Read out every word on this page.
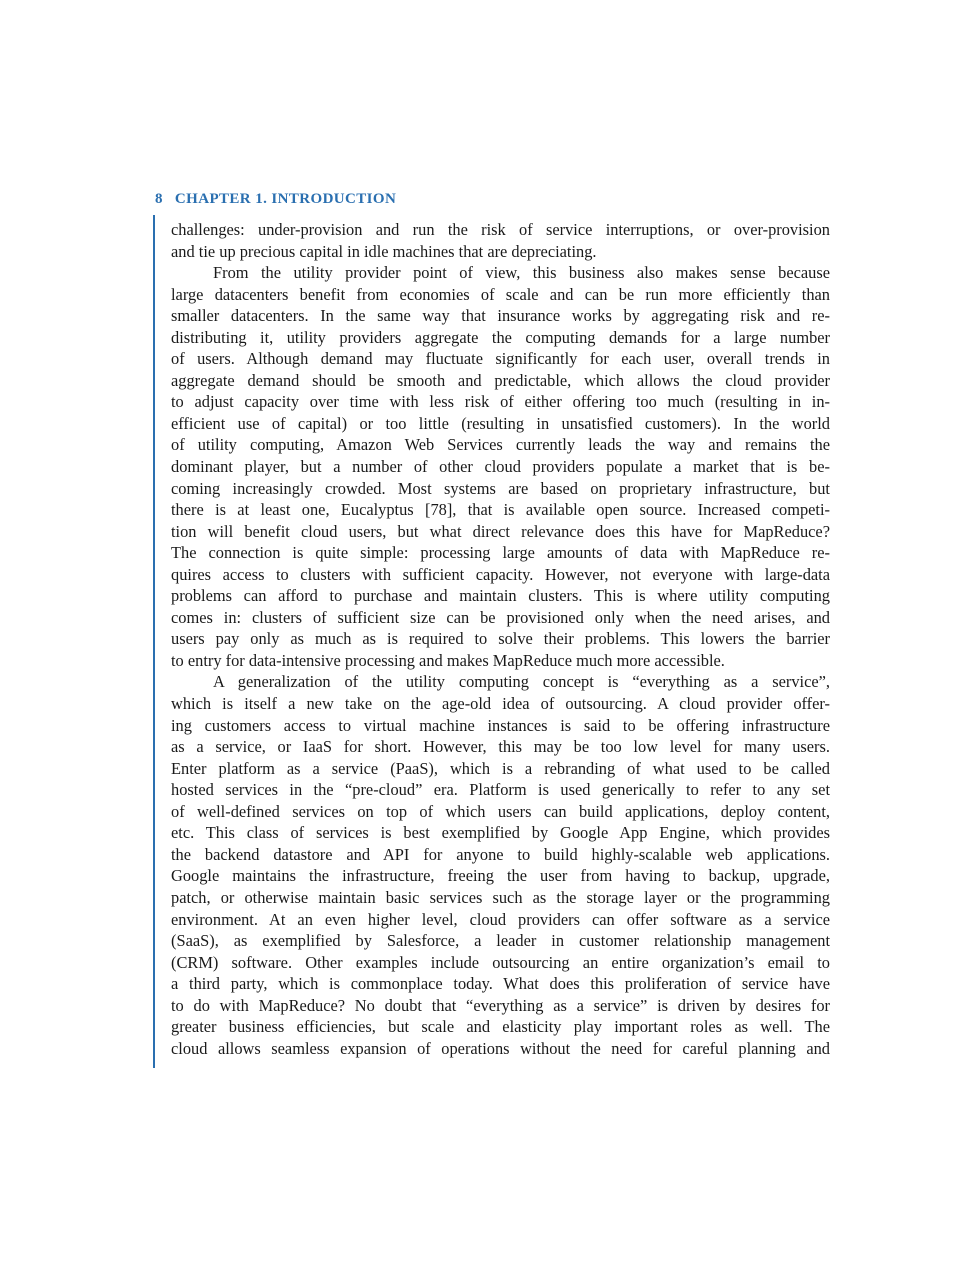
8 CHAPTER 1. INTRODUCTION
challenges: under-provision and run the risk of service interruptions, or over-provision
and tie up precious capital in idle machines that are depreciating.
From the utility provider point of view, this business also makes sense because
large datacenters benefit from economies of scale and can be run more efficiently than
smaller datacenters. In the same way that insurance works by aggregating risk and re-
distributing it, utility providers aggregate the computing demands for a large number
of users. Although demand may fluctuate significantly for each user, overall trends in
aggregate demand should be smooth and predictable, which allows the cloud provider
to adjust capacity over time with less risk of either offering too much (resulting in in-
efficient use of capital) or too little (resulting in unsatisfied customers). In the world
of utility computing, Amazon Web Services currently leads the way and remains the
dominant player, but a number of other cloud providers populate a market that is be-
coming increasingly crowded. Most systems are based on proprietary infrastructure, but
there is at least one, Eucalyptus [78], that is available open source. Increased competi-
tion will benefit cloud users, but what direct relevance does this have for MapReduce?
The connection is quite simple: processing large amounts of data with MapReduce re-
quires access to clusters with sufficient capacity. However, not everyone with large-data
problems can afford to purchase and maintain clusters. This is where utility computing
comes in: clusters of sufficient size can be provisioned only when the need arises, and
users pay only as much as is required to solve their problems. This lowers the barrier
to entry for data-intensive processing and makes MapReduce much more accessible.
A generalization of the utility computing concept is “everything as a service”,
which is itself a new take on the age-old idea of outsourcing. A cloud provider offer-
ing customers access to virtual machine instances is said to be offering infrastructure
as a service, or IaaS for short. However, this may be too low level for many users.
Enter platform as a service (PaaS), which is a rebranding of what used to be called
hosted services in the “pre-cloud” era. Platform is used generically to refer to any set
of well-defined services on top of which users can build applications, deploy content,
etc. This class of services is best exemplified by Google App Engine, which provides
the backend datastore and API for anyone to build highly-scalable web applications.
Google maintains the infrastructure, freeing the user from having to backup, upgrade,
patch, or otherwise maintain basic services such as the storage layer or the programming
environment. At an even higher level, cloud providers can offer software as a service
(SaaS), as exemplified by Salesforce, a leader in customer relationship management
(CRM) software. Other examples include outsourcing an entire organization’s email to
a third party, which is commonplace today. What does this proliferation of service have
to do with MapReduce? No doubt that “everything as a service” is driven by desires for
greater business efficiencies, but scale and elasticity play important roles as well. The
cloud allows seamless expansion of operations without the need for careful planning and
